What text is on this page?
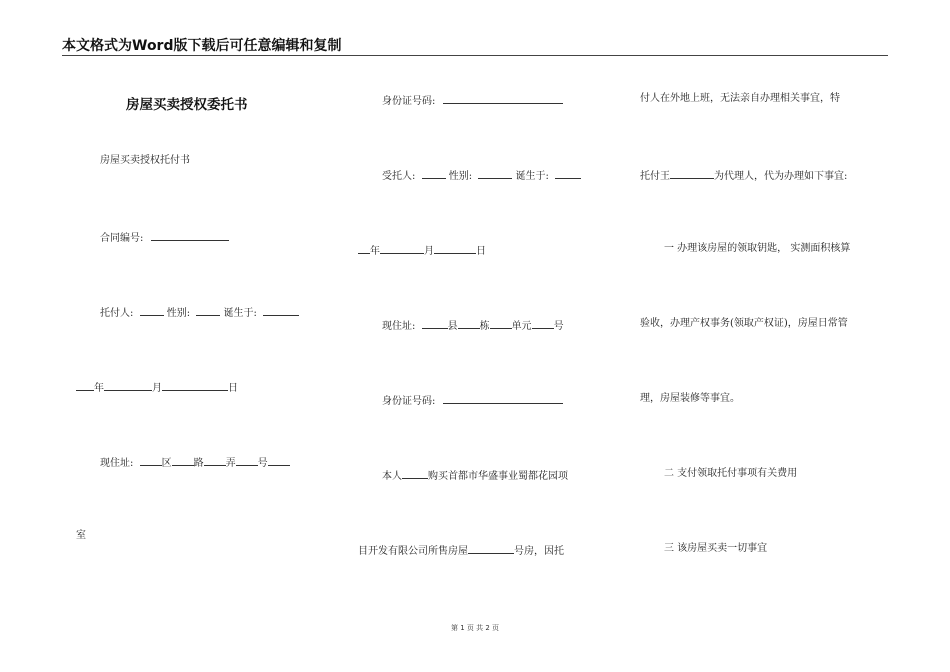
本文格式为Word版下载后可任意编辑和复制
房屋买卖授权委托书
房屋买卖授权托付书
合同编号:
托付人:	性别:	诞生于:
年	月	日
现住址:	区 路 弄 号
室
身份证号码:
受托人:	性别:	诞生于:
年	月	日
现住址:	县 栋 单元 号
身份证号码:
本人	购买首都市华盛事业蜀都花园项
目开发有限公司所售房屋	号房，因托
付人在外地上班，无法亲自办理相关事宜，特
托付王	为代理人，代为办理如下事宜:
一 办理该房屋的领取钥匙， 实测面积核算
验收，办理产权事务(领取产权证)，房屋日常管
理，房屋装修等事宜。
二 支付领取托付事项有关费用
三 该房屋买卖一切事宜
第 1 页 共 2 页
